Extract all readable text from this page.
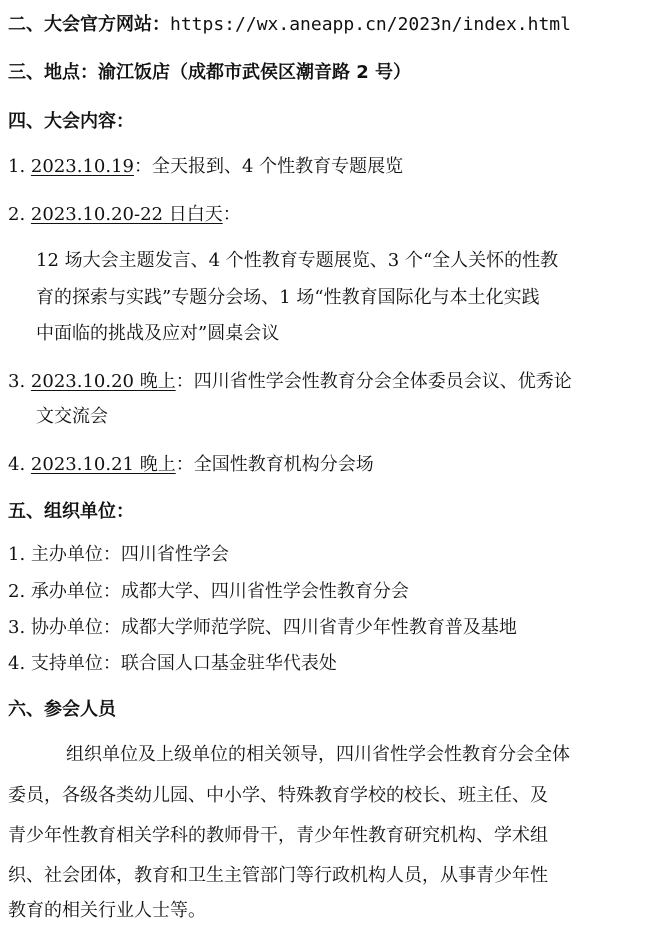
二、大会官方网站：https://wx.aneapp.cn/2023n/index.html
三、地点：渝江饭店（成都市武侯区潮音路 2 号）
四、大会内容：
1. 2023.10.19：全天报到、4 个性教育专题展览
2. 2023.10.20-22 日白天：
12 场大会主题发言、4 个性教育专题展览、3 个“全人关怀的性教
育的探索与实践”专题分会场、1 场“性教育国际化与本土化实践
中面临的挑战及应对”圆桌会议
3. 2023.10.20 晚上：四川省性学会性教育分会全体委员会议、优秀论
文交流会
4. 2023.10.21 晚上：全国性教育机构分会场
五、组织单位：
1. 主办单位：四川省性学会
2. 承办单位：成都大学、四川省性学会性教育分会
3. 协办单位：成都大学师范学院、四川省青少年性教育普及基地
4. 支持单位：联合国人口基金驻华代表处
六、参会人员
组织单位及上级单位的相关领导，四川省性学会性教育分会全体
委员，各级各类幼儿园、中小学、特殊教育学校的校长、班主任、及
青少年性教育相关学科的教师骨干，青少年性教育研究机构、学术组
织、社会团体，教育和卫生主管部门等行政机构人员，从事青少年性
教育的相关行业人士等。
